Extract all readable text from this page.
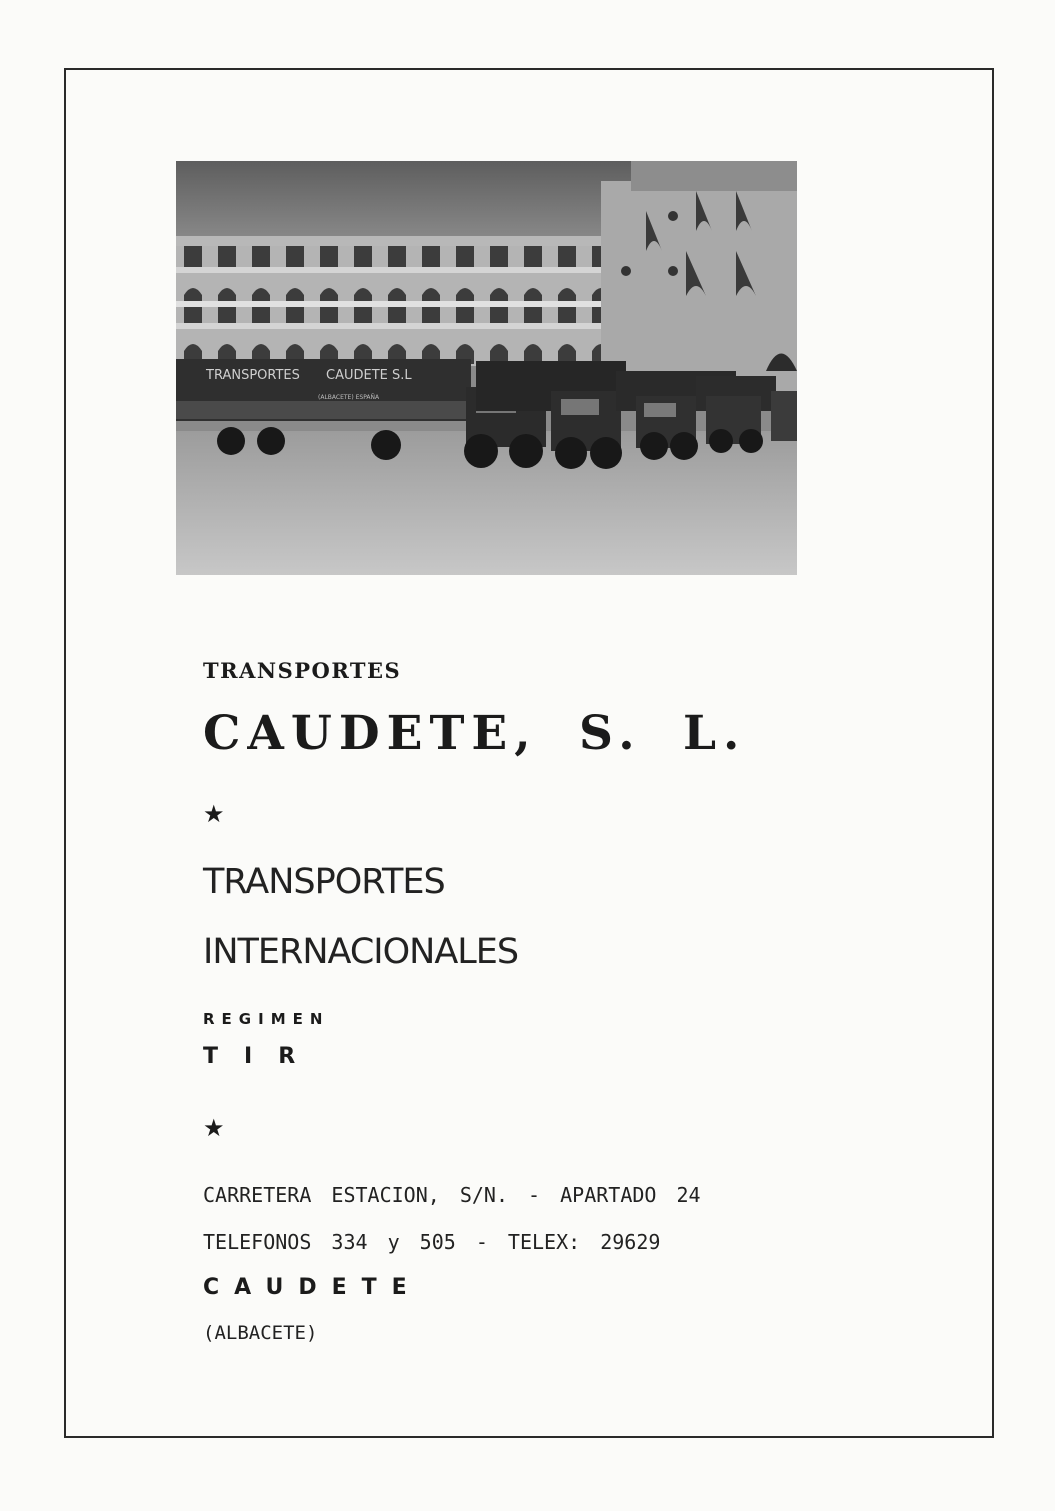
TRANSPORTES CAUDETE S.L
(ALBACETE) ESPAÑA

TRANSPORTES

CAUDETE, S. L.

★

TRANSPORTES

INTERNACIONALES

REGIMEN

TIR

★

CARRETERA ESTACION, S/N. - APARTADO 24

TELEFONOS 334 y 505 - TELEX: 29629

CAUDETE

(ALBACETE)
